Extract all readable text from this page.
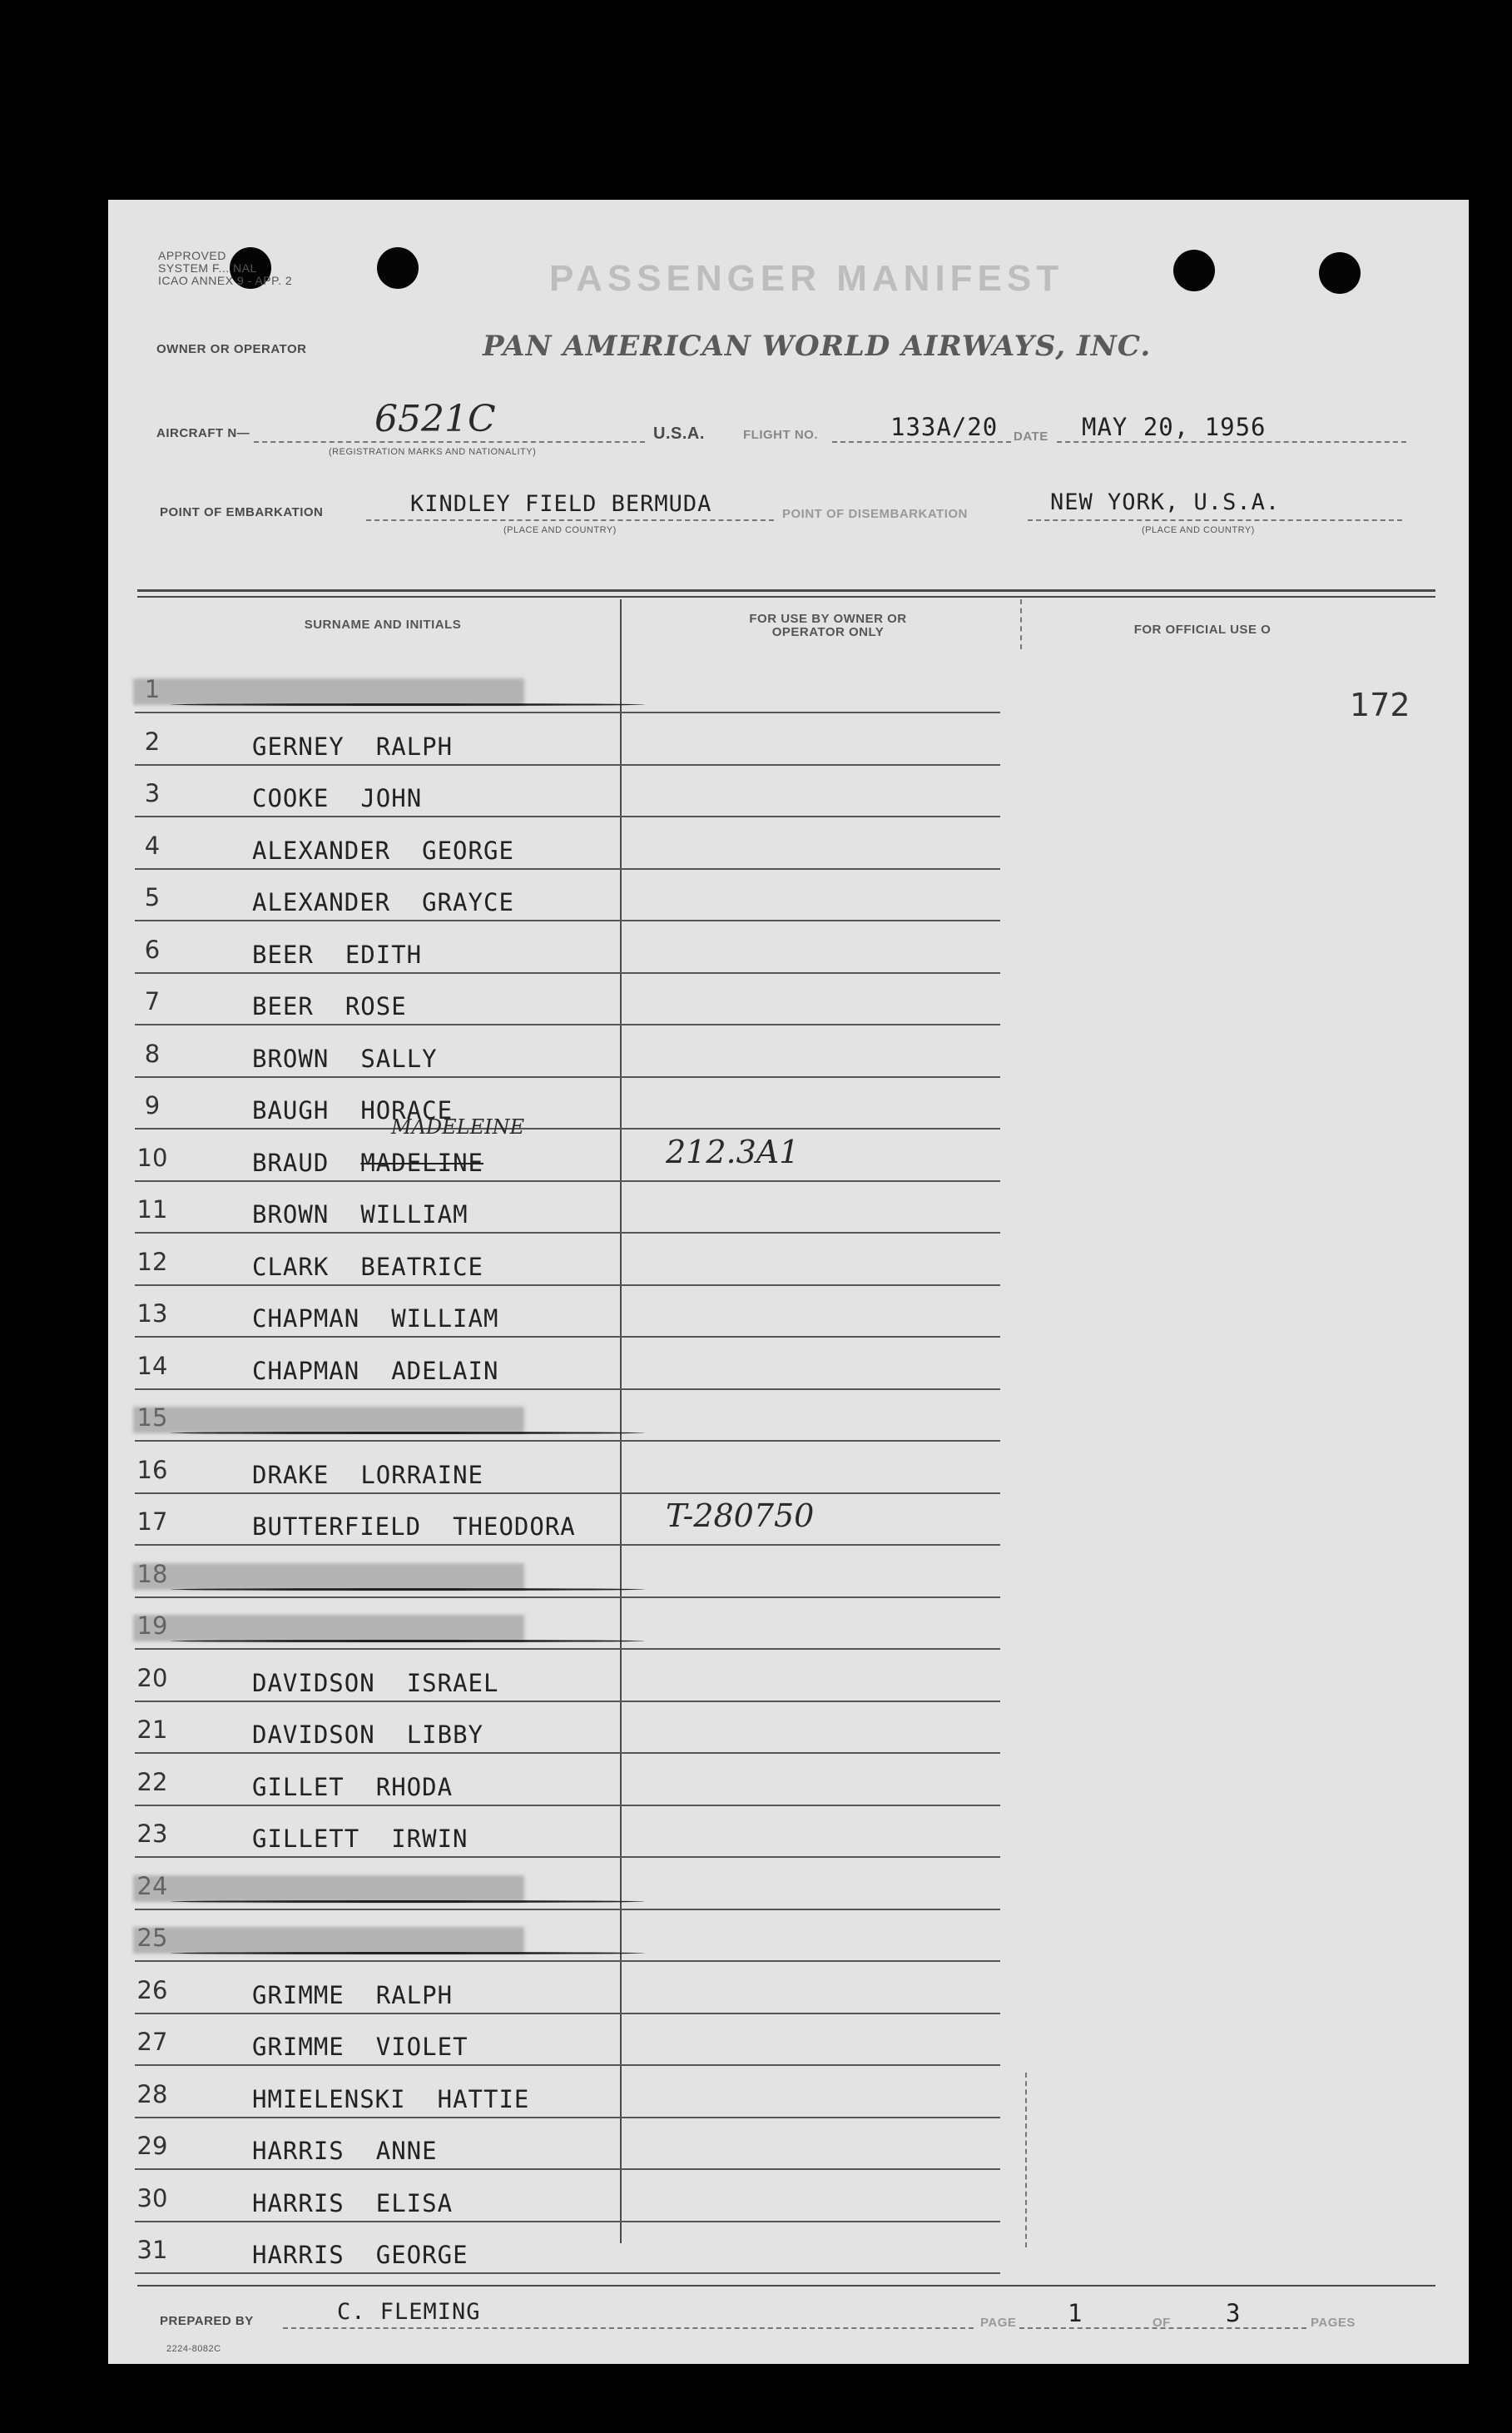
APPROVED
SYSTEM F... NAL
ICAO ANNEX 9 - APP. 2	PASSENGER MANIFEST
OWNER OR OPERATOR	PAN AMERICAN WORLD AIRWAYS, INC.
AIRCRAFT N—	6521C
(REGISTRATION MARKS AND NATIONALITY)
U.S.A.	FLIGHT NO.	133A/20 DATE MAY 20, 1956
POINT OF EMBARKATION	KINDLEY FIELD BERMUDA
(PLACE AND COUNTRY)
POINT OF DISEMBARKATION	NEW YORK, U.S.A.
(PLACE AND COUNTRY)
SURNAME AND INITIALS	FOR USE BY OWNER OR OPERATOR ONLY	FOR OFFICIAL USE O
172
2	GERNEY RALPH
3	COOKE JOHN
4	ALEXANDER GEORGE
5	ALEXANDER GRAYCE
6	BEER EDITH
7	BEER ROSE
8	BROWN SALLY
9	BAUGH HORACE
10	BRAUD MADELINE
MADELEINE
212.3A1
11	BROWN WILLIAM
12	CLARK BEATRICE
13	CHAPMAN WILLIAM
14	CHAPMAN ADELAIN
16	DRAKE LORRAINE
17	BUTTERFIELD THEODORA	T-280750
20	DAVIDSON ISRAEL
21	DAVIDSON LIBBY
22	GILLET RHODA
23	GILLETT IRWIN
26	GRIMME RALPH
27	GRIMME VIOLET
28	HMIELENSKI HATTIE
29	HARRIS ANNE
30	HARRIS ELISA
31	HARRIS GEORGE
PREPARED BY	C. FLEMING	PAGE 1	OF 3	PAGES
2224-8082C
